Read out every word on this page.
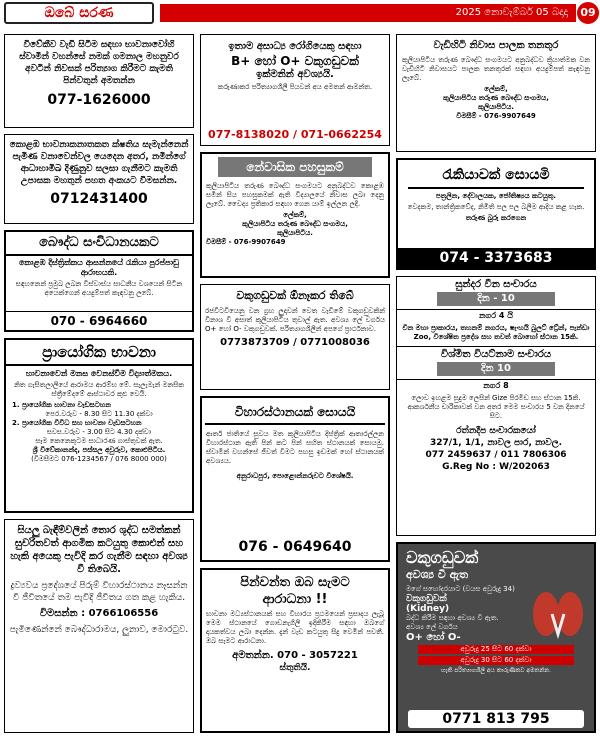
ඔබේ සරණ	2025 නොවැම්බර් 05 බදාදා	09
විවේකීව වැඩි සිටීම සඳහා භාවනාවෝහි ස්වාමීන් වහන්සේ නමක් ගමනාල මහනුවර අවටින් නිවසක් පරිත්‍යාග කිරීමට කැමති පින්වතුන් අමතන්න
077-1626000
කොළඹ භාවනාකනාතකත ක්ෂතිය සැමැන්නෙන් පැමිණ වනාවෙන්වල යෙදෙන අතර, නමින්ගේ ආධාහාමිඛ දිණුනුව සලසා ගැනීමට කැමති උපාසක මහතුන් පහත අංකයට විමසන්න.
0712431400
බෞද්ධ සංවිධානයකට
කොළඹ දිස්ත්‍රික්කය ආසන්නයේ රැකියා පුරප්පාඩු ආරාභයකි.
සඳහනෙන් ප්‍රමුඛ ලබන විස්වාස්ය සාධනීය වශයෙන් සිටින අයෙක්ගෙන් අයදුම්පත් කැඳවනු ලබේ.
070 - 6964660
ප්‍රායෝගික භාවනා
භාවනාවෙන් මනස වෙනස්වීම විද්‍යාත්මකය.
නිත ගැසිතලාලියේ ආරාමය ආරම්භ මේ. සැලැමැන් මනසික ස්ත්‍රීමේදමේ ආස්ථාවර කුළු වෙයි.
1. ප්‍රායෝගික භාවනා වැඩසටහන
පෙර.වරුව - 8.30 සිට 11.30 දක්වා
2. ප්‍රායෝගික විවිධ සහ භාවනා වැඩසටහන
සවස.වරුව - 3.00 සිට 4.30 දක්වා
සෑම කෙනෙකුටම සාධාරණ ගාස්තුවක් ඇත.
ශ්‍රී විවේකානන්ද, පස්සල අවුරුව, කොළුපිටිය.
(විමසීමට 076-1234567 / 076 8000 000)
සියලු බැඳීම්වලින් තොර ශුද්ධ සමත්කන් සුචරිතවත් ආගමික කටයුතු කොළුන් සහ හැකි අයෙකු පැවිදි කර ගැනීම සඳහා අවශ්‍ය වී තිබෙයි.
ද්‍රව්‍යවය ප්‍රදේශයේ පිරුම් විහාරස්ථානය නෑසන්න වී ජීවිතයේ තම පැවිදි ජීවිතය ගත කළ හැකිය.
විමසන්න : 0766106556
පැමිණෙන්නේ බෞද්ධාරාමය, ලුනාව, මොරටුව.
ඉතාම අසාධ්‍ය රෝගියෙකු සඳහා
B+ හෝ O+ වකුගඩුවක්
ඉක්මනින් අවශ්‍යයි.
කරුණාකර පරිත්‍යාගශීලී පියවන් අය අමතන් ආමන්ත.
077-8138020 / 071-0662254
නේවාසික පහසුකම්
කුලියාපිටිය තරුණ බෞද්ධ සංගමයට අනුබද්ධව කොළඹ සමින් සිය පහසුකමක් ඇති විද්‍යාලයේ නිවාස ලබා දෙනු ලැබේ. වෛද්‍ය ප්‍රතිකාර සඳහා ගෙන යාම් ඉල්ලන ලදී.
ලේකම්,
කුලියාපිටිය තරුණ බෞද්ධ සංගමය,
කුලියාපිටිය.
විමසීම් - 076-9907649
වකුගඩුවක් ඕනෑකර තිබේ
රජවිටවියෙනු වන ග්‍රහ ලුද්‍රුවන් වෙත වැඩිමේ වකුගඩුවකින් විනාශ වී අසාත් කුලියාපිටිය තුවාල් ඇත. අවශ්‍ය ලේ වර්ගය O+ හෝ O- වකුගඩුවක්. පරිත්‍යාගශීලීන් අපගේ ප්‍රාර්ථනාව.
0773873709 / 0771008036
විහාරස්ථානයක් සොයයි
ආර්ත ජාතියේ සුවය මත කුලියාපිටිය දිස්ත්‍රික් ආතාරල්ලන විහාරස්ථාන ඇති පින් කට පින් සහිත ස්ථානයක් සොයමු. ස්වාමීන් වහන්සේ ජීවත් වීමට පහසු ඉඩමක් හෝ ස්ථානයක් අවශ්‍යය.
අනුරාධපුර, පොළොන්නරුවට විශේෂයි.
076 - 0649640
පින්වන්ත ඔබ සැමට
ආරාධනා !!
භාවනා මධ්‍යස්ථානයක් සහ විහාරය ප්‍රථමයෙන් ප්‍රසාදය ලැබූ මෙම ස්ථානයේ ගොඩනැගිලි ඉදිකිරීම සඳහා ඔබගේ දායකත්වය ලබා දෙන්න. දැන් වැඩ කටයුතු සිදු වෙමින් පවතී. ඔබ සැමට ආරාධනා.
අමතන්න. 070 - 3057221
ස්තුතියි.
වැඩිහිටි නිවාස පාලක තනතුර
කුලියාපිටිය තරුණ බෞද්ධ සංගමයට අනුබද්ධව ක්‍රියාත්මක වන වැඩිහිටි නිවාසයට පාලක තනතුරක් සඳහා අයදුම්පත් කැඳවනු ලැබේ.
ලේකම්,
කුලියාපිටිය තරුණ බෞද්ධ සංගමය,
කුලියාපිටිය.
විමසීම් - 076-9907649
රැකියාවක් සොයමි
පත්‍රලින, දේවාලයක, ජෝතිෂ්‍යය කටයුතු.
වෙදකම, තාන්ත්‍රිකවේද, නිමිති පල පල බලීම ආදිය කළ හැක.
තරුණ බුරු කරගෙන
074 - 3373683
සුන්දර වීන සංචාරය
දින - 10
නගර 4 යි
චීන මහා ප්‍රාකාරය, තහනම් නගරය, ෂැංහයි බුලට් ට්‍රේන්, පැන්ඩා Zoo, විශේෂිත ප්‍රදේශ සහ තවත් බොහෝ ස්ථාන 15කි.
විශ්මිත වියට්නාම සංචාරය
දින 10
නගර 8
ලොව ඉහළම සුදුම ලෙසින් Gize පිරමීඩ සහ ස්ථාන 15කි. ආකර්ශනීය චාරිකාවක් වන අතර මෙම සංචාරය 5 වන දිනයේ සිට.
රත්නදීප සංචාරකයෝ
327/1, 1/1, නාවල පාර, නාවල.
077 2459637 / 011 7806306
G.Reg No : W/202063
වකුගඩුවක්
අවශ්‍ය වී ඇත
මගේ සහෝදරයාට (වයස අවුරුදු 34)
වකුගඩුවක්
(Kidney)
බද්ධ කිරීම සඳහා අවශ්‍ය වී ඇත.
අවශ්‍ය ලේ වර්ගය
O+ හෝ O-
අවුරුදු 25 සිට 60 දක්වා
අවුරුදු 30 සිට 60 දක්වා
හැකි පරිත්‍යාගශීලී අය කාරුණිකව අමතන්න.
0771 813 795
